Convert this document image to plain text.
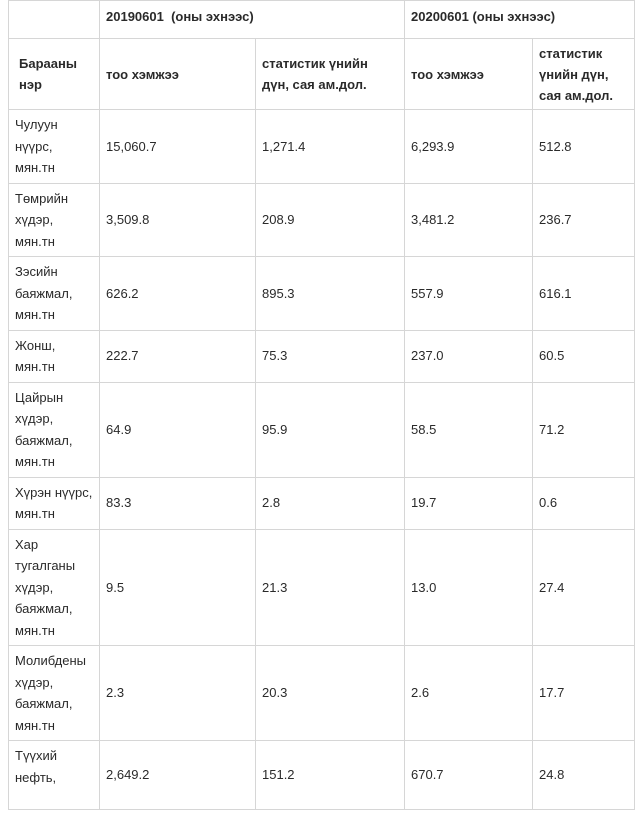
	20190601  (оны эхнээс)		20200601 (оны эхнээс)	
Барааны нэр	тоо хэмжээ	статистик үнийн дүн, сая ам.дол.	тоо хэмжээ	статистик үнийн дүн, сая ам.дол.
Чулуун нүүрс, мян.тн	15,060.7	1,271.4	6,293.9	512.8
Төмрийн хүдэр, мян.тн	3,509.8	208.9	3,481.2	236.7
Зэсийн баяжмал, мян.тн	626.2	895.3	557.9	616.1
Жонш, мян.тн	222.7	75.3	237.0	60.5
Цайрын хүдэр, баяжмал, мян.тн	64.9	95.9	58.5	71.2
Хүрэн нүүрс, мян.тн	83.3	2.8	19.7	0.6
Хар тугалганы хүдэр, баяжмал, мян.тн	9.5	21.3	13.0	27.4
Молибдены хүдэр, баяжмал, мян.тн	2.3	20.3	2.6	17.7
Түүхий нефть,	2,649.2	151.2	670.7	24.8
